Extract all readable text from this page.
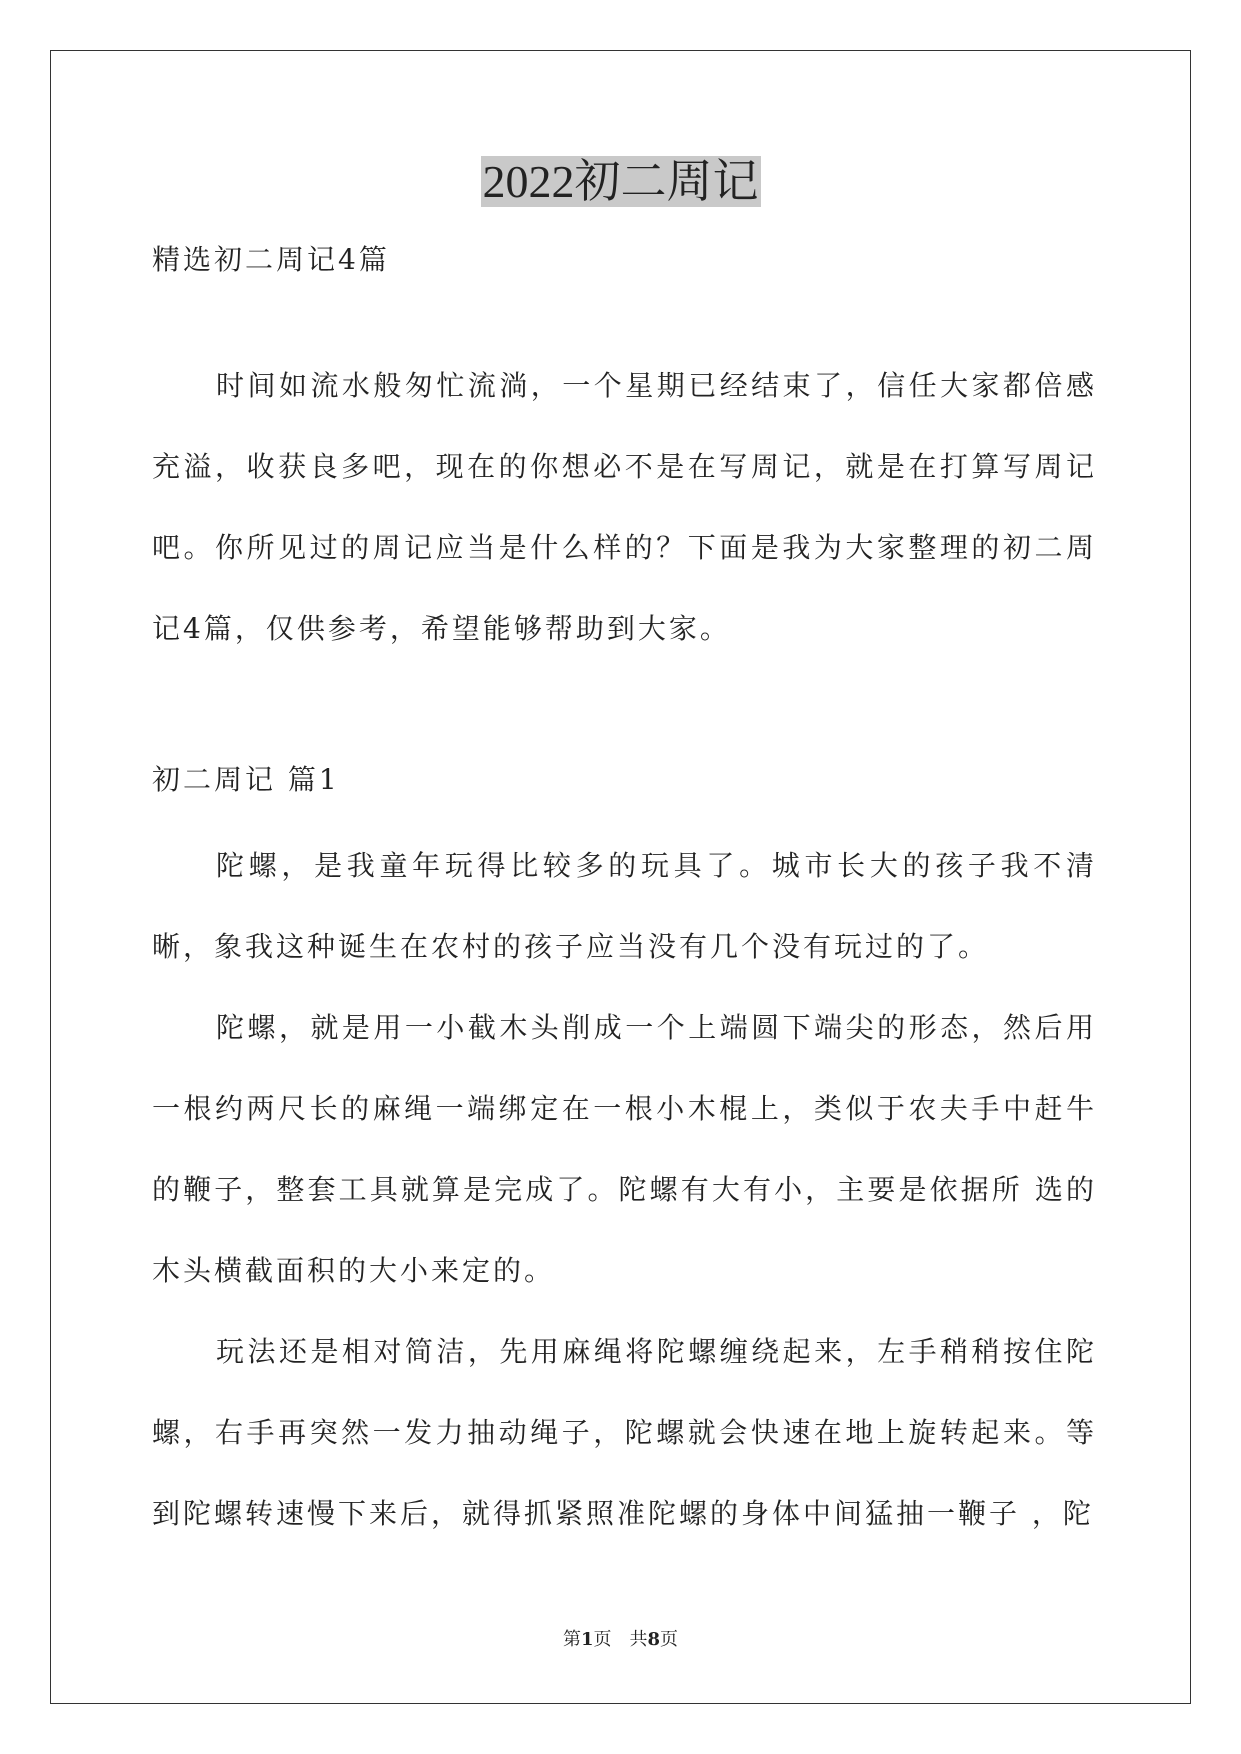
2022初二周记
精选初二周记4篇

时间如流水般匆忙流淌，一个星期已经结束了，信任大家都倍感充溢，收获良多吧，现在的你想必不是在写周记，就是在打算写周记吧。你所见过的周记应当是什么样的？下面是我为大家整理的初二周记4篇，仅供参考，希望能够帮助到大家。

初二周记 篇1

陀螺，是我童年玩得比较多的玩具了。城市长大的孩子我不清晰，象我这种诞生在农村的孩子应当没有几个没有玩过的了。

陀螺，就是用一小截木头削成一个上端圆下端尖的形态，然后用一根约两尺长的麻绳一端绑定在一根小木棍上，类似于农夫手中赶牛的鞭子，整套工具就算是完成了。陀螺有大有小，主要是依据所 选的木头横截面积的大小来定的。

玩法还是相对简洁，先用麻绳将陀螺缠绕起来，左手稍稍按住陀螺，右手再突然一发力抽动绳子，陀螺就会快速在地上旋转起来。等到陀螺转速慢下来后，就得抓紧照准陀螺的身体中间猛抽一鞭子 ，陀

第1页　共8页
